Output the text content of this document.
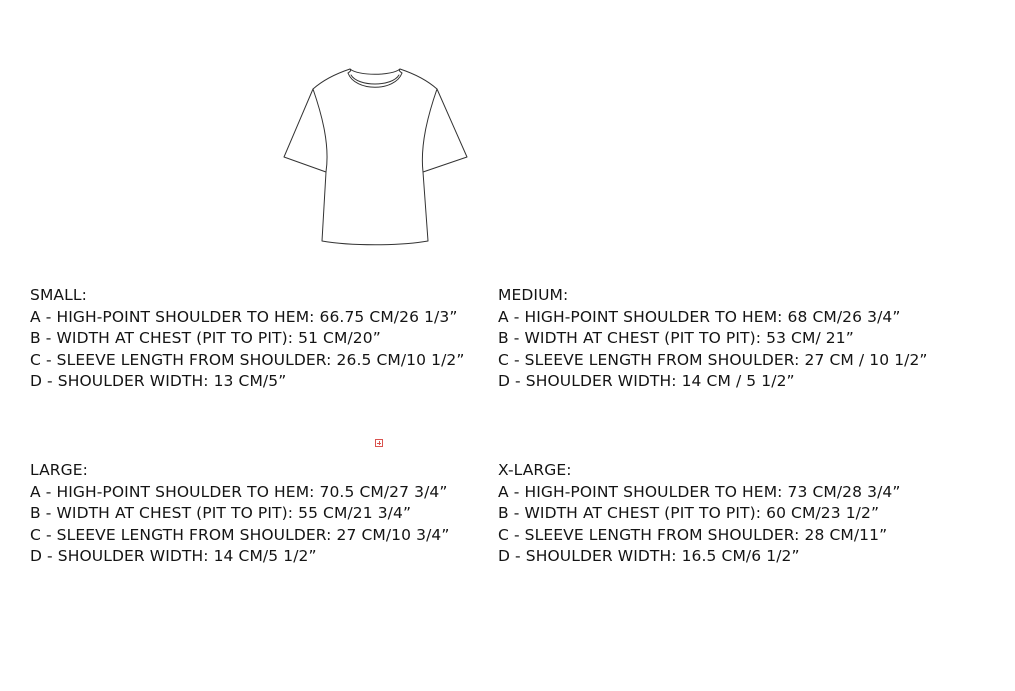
SMALL:
A - HIGH-POINT SHOULDER TO HEM: 66.75 CM/26 1/3”
B - WIDTH AT CHEST (PIT TO PIT): 51 CM/20”
C - SLEEVE LENGTH FROM SHOULDER: 26.5 CM/10 1/2”
D - SHOULDER WIDTH: 13 CM/5”
MEDIUM:
A - HIGH-POINT SHOULDER TO HEM: 68 CM/26 3/4”
B - WIDTH AT CHEST (PIT TO PIT): 53 CM/ 21”
C - SLEEVE LENGTH FROM SHOULDER: 27 CM / 10 1/2”
D - SHOULDER WIDTH: 14 CM / 5 1/2”
LARGE:
A - HIGH-POINT SHOULDER TO HEM: 70.5 CM/27 3/4”
B - WIDTH AT CHEST (PIT TO PIT): 55 CM/21 3/4”
C - SLEEVE LENGTH FROM SHOULDER: 27 CM/10 3/4”
D - SHOULDER WIDTH: 14 CM/5 1/2”
X-LARGE:
A - HIGH-POINT SHOULDER TO HEM: 73 CM/28 3/4”
B - WIDTH AT CHEST (PIT TO PIT): 60 CM/23 1/2”
C - SLEEVE LENGTH FROM SHOULDER: 28 CM/11”
D - SHOULDER WIDTH: 16.5 CM/6 1/2”
